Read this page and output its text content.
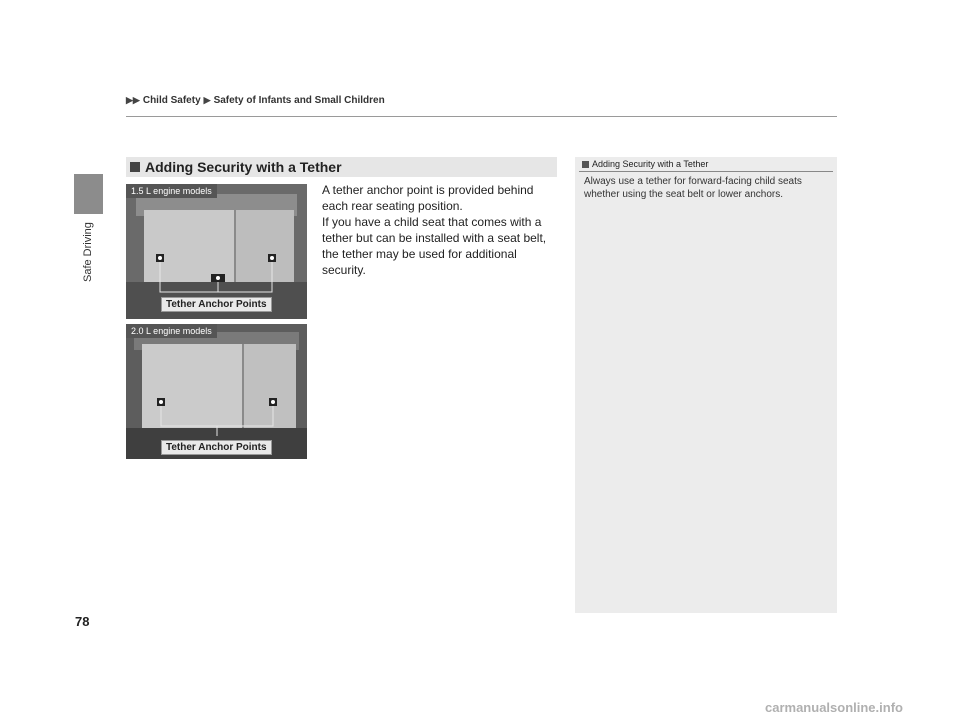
Safe Driving
▶▶ Child Safety ▶ Safety of Infants and Small Children
Adding Security with a Tether

A tether anchor point is provided behind each rear seating position.

If you have a child seat that comes with a tether but can be installed with a seat belt, the tether may be used for additional security.

1.5 L engine models
Tether Anchor Points
2.0 L engine models
Tether Anchor Points
Adding Security with a Tether
Always use a tether for forward-facing child seats whether using the seat belt or lower anchors.
78
carmanualsonline.info
